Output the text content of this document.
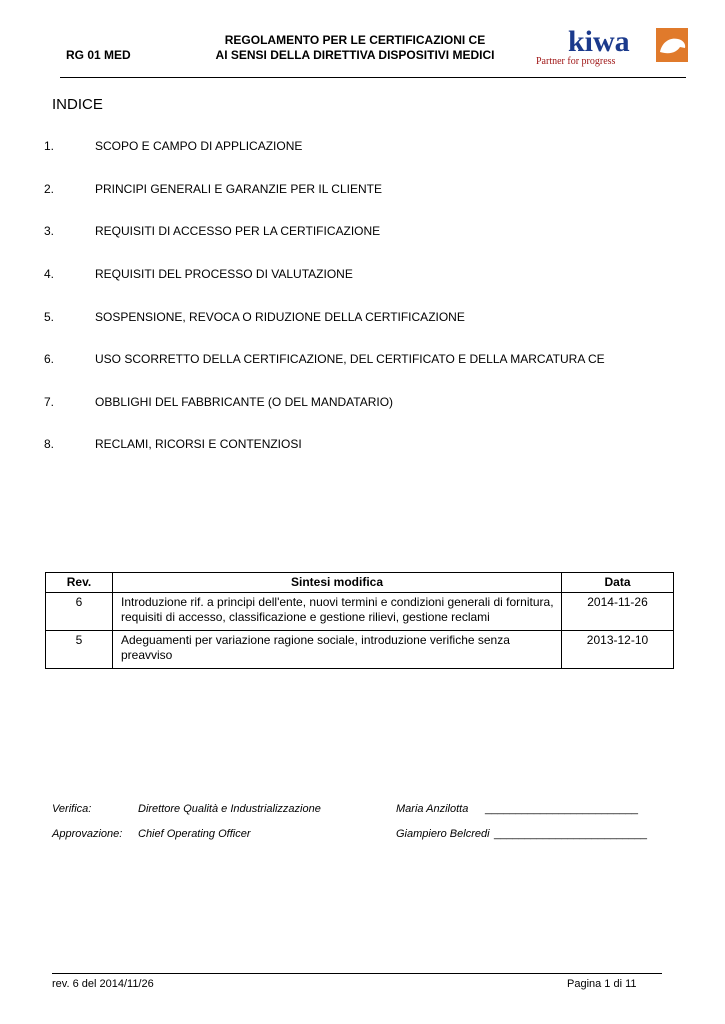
RG 01 MED
REGOLAMENTO PER LE CERTIFICAZIONI CE
AI SENSI DELLA DIRETTIVA DISPOSITIVI MEDICI	kiwa
Partner for progress
INDICE
1.	SCOPO E CAMPO DI APPLICAZIONE
2.	PRINCIPI GENERALI E GARANZIE PER IL CLIENTE
3.	REQUISITI DI ACCESSO PER LA CERTIFICAZIONE
4.	REQUISITI DEL PROCESSO DI VALUTAZIONE
5.	SOSPENSIONE, REVOCA O RIDUZIONE DELLA CERTIFICAZIONE
6.	USO SCORRETTO DELLA CERTIFICAZIONE, DEL CERTIFICATO E DELLA MARCATURA CE
7.	OBBLIGHI DEL FABBRICANTE (O DEL MANDATARIO)
8.	RECLAMI, RICORSI E CONTENZIOSI
Rev.	Sintesi modifica	Data
6	Introduzione rif. a principi dell'ente, nuovi termini e condizioni generali di fornitura, requisiti di accesso, classificazione e gestione rilievi, gestione reclami	2014-11-26
5	Adeguamenti per variazione ragione sociale, introduzione verifiche senza preavviso	2013-12-10
Verifica:	Direttore Qualità e Industrializzazione	Maria Anzilotta _________________________
Approvazione: Chief Operating Officer	Giampiero Belcredi _________________________
rev. 6 del 2014/11/26	Pagina 1 di 11
